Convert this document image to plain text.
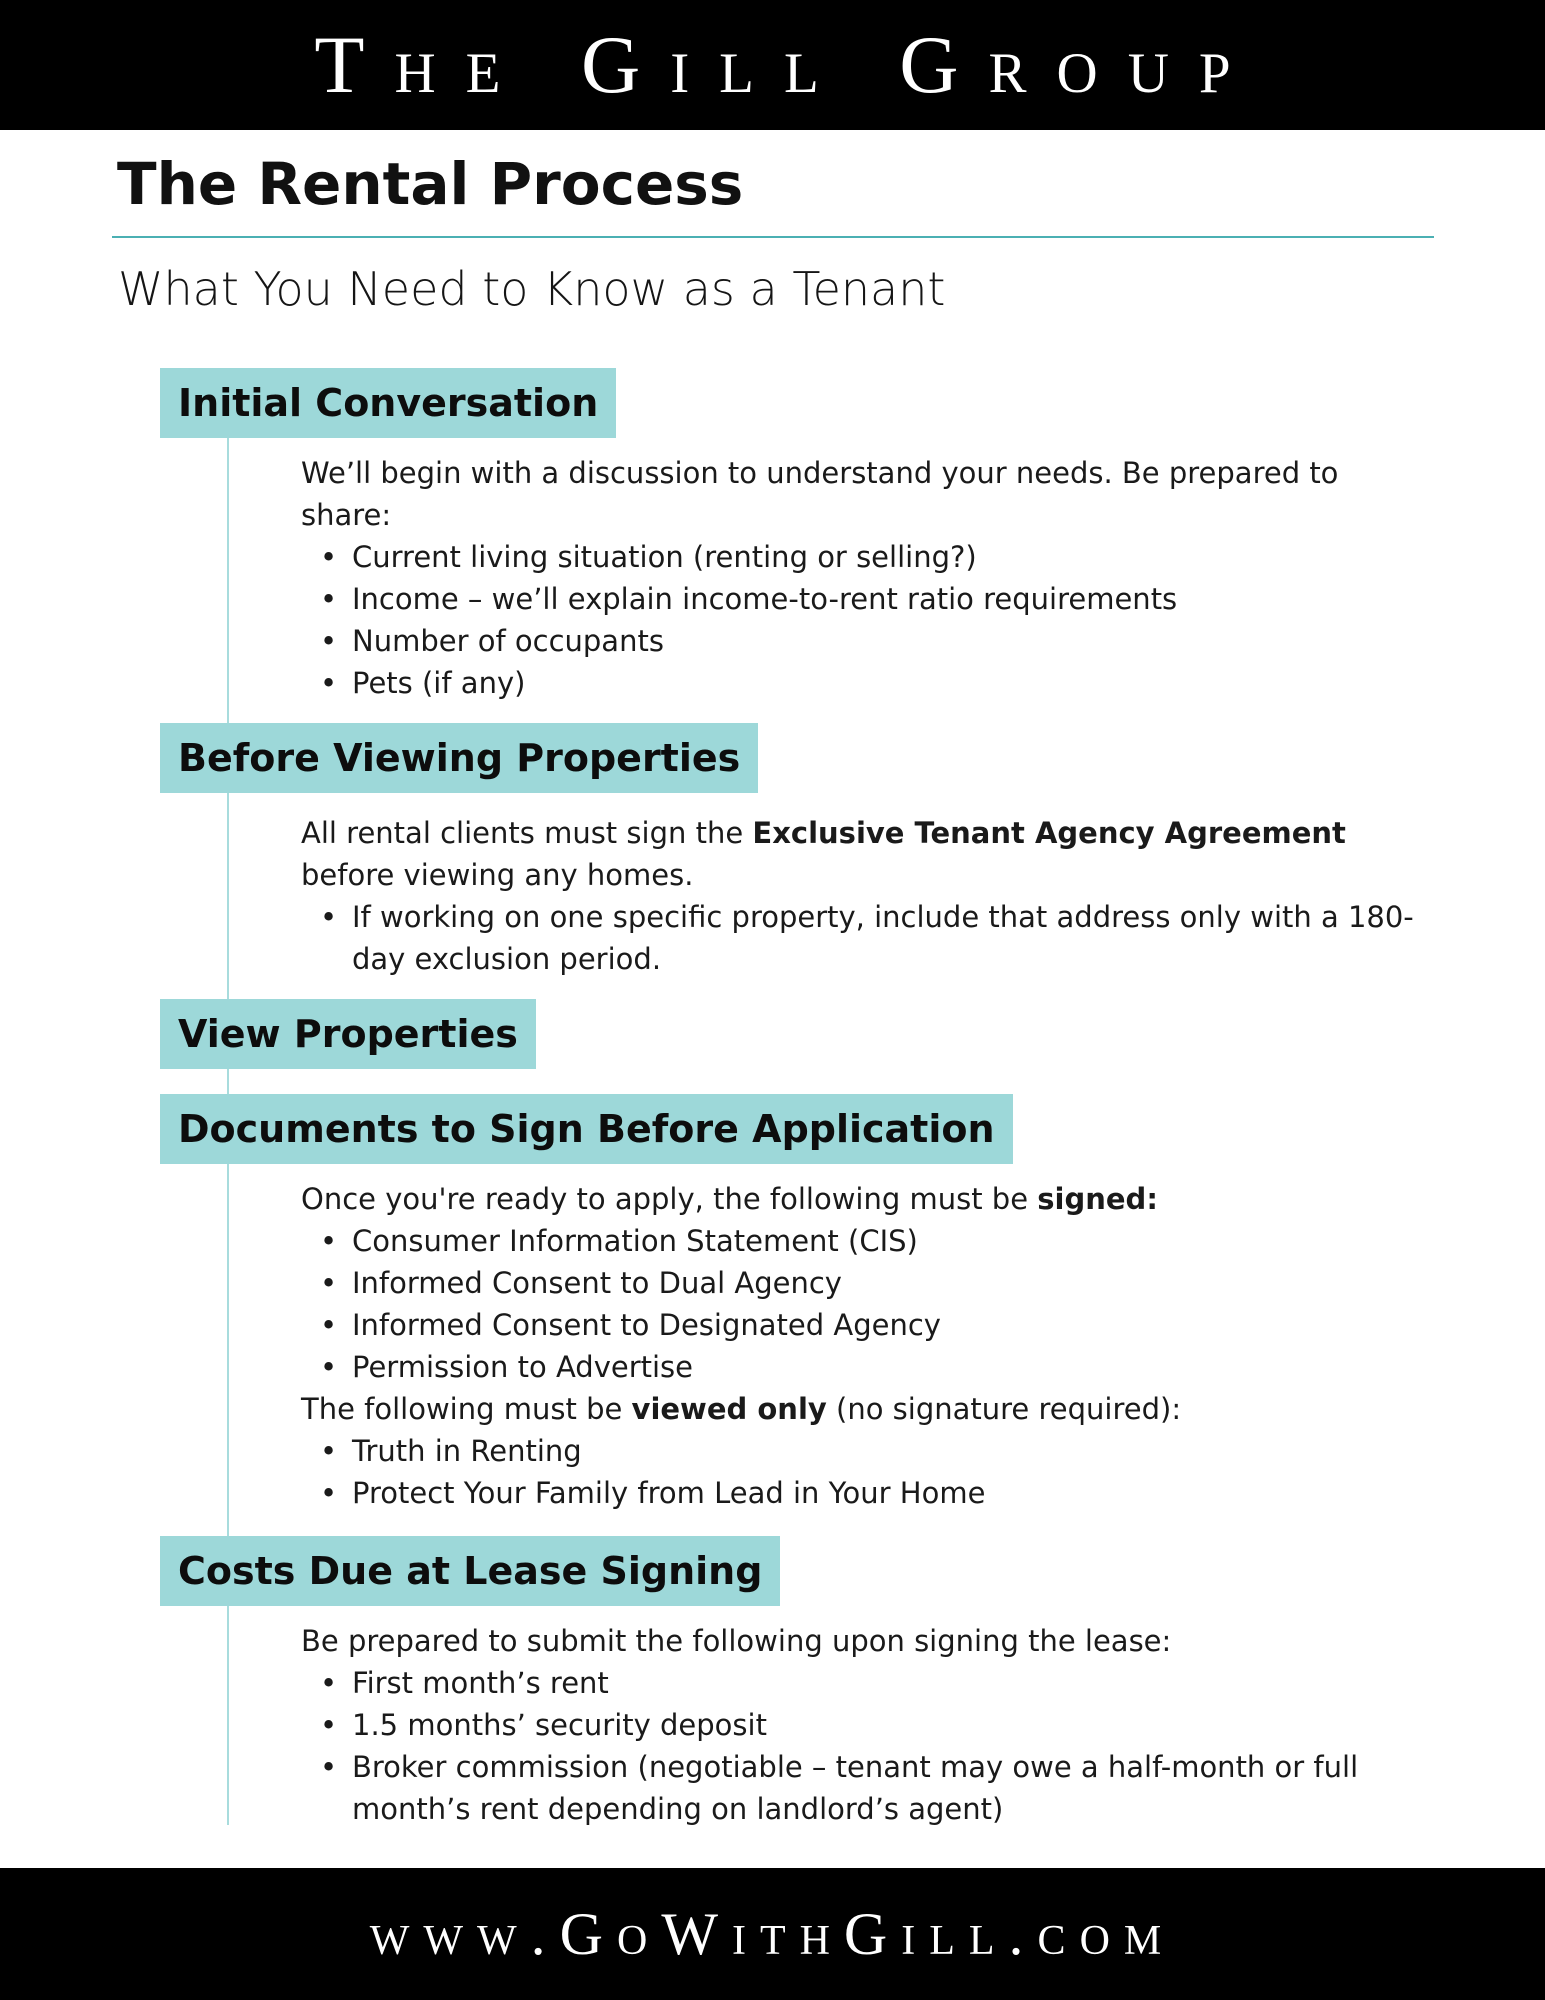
The Gill Group
The Rental Process
What You Need to Know as a Tenant
Initial Conversation

We’ll begin with a discussion to understand your needs. Be prepared to share:

• Current living situation (renting or selling?)
• Income – we’ll explain income-to-rent ratio requirements
• Number of occupants
• Pets (if any)
Before Viewing Properties

All rental clients must sign the Exclusive Tenant Agency Agreement
before viewing any homes.

• If working on one specific property, include that address only with a 180-day exclusion period.
View Properties
Documents to Sign Before Application

Once you're ready to apply, the following must be signed:

• Consumer Information Statement (CIS)
• Informed Consent to Dual Agency
• Informed Consent to Designated Agency
• Permission to Advertise

The following must be viewed only (no signature required):

• Truth in Renting
• Protect Your Family from Lead in Your Home
Costs Due at Lease Signing

Be prepared to submit the following upon signing the lease:

• First month’s rent
• 1.5 months’ security deposit
• Broker commission (negotiable – tenant may owe a half-month or full month’s rent depending on landlord’s agent)
www.GoWithGill.com
